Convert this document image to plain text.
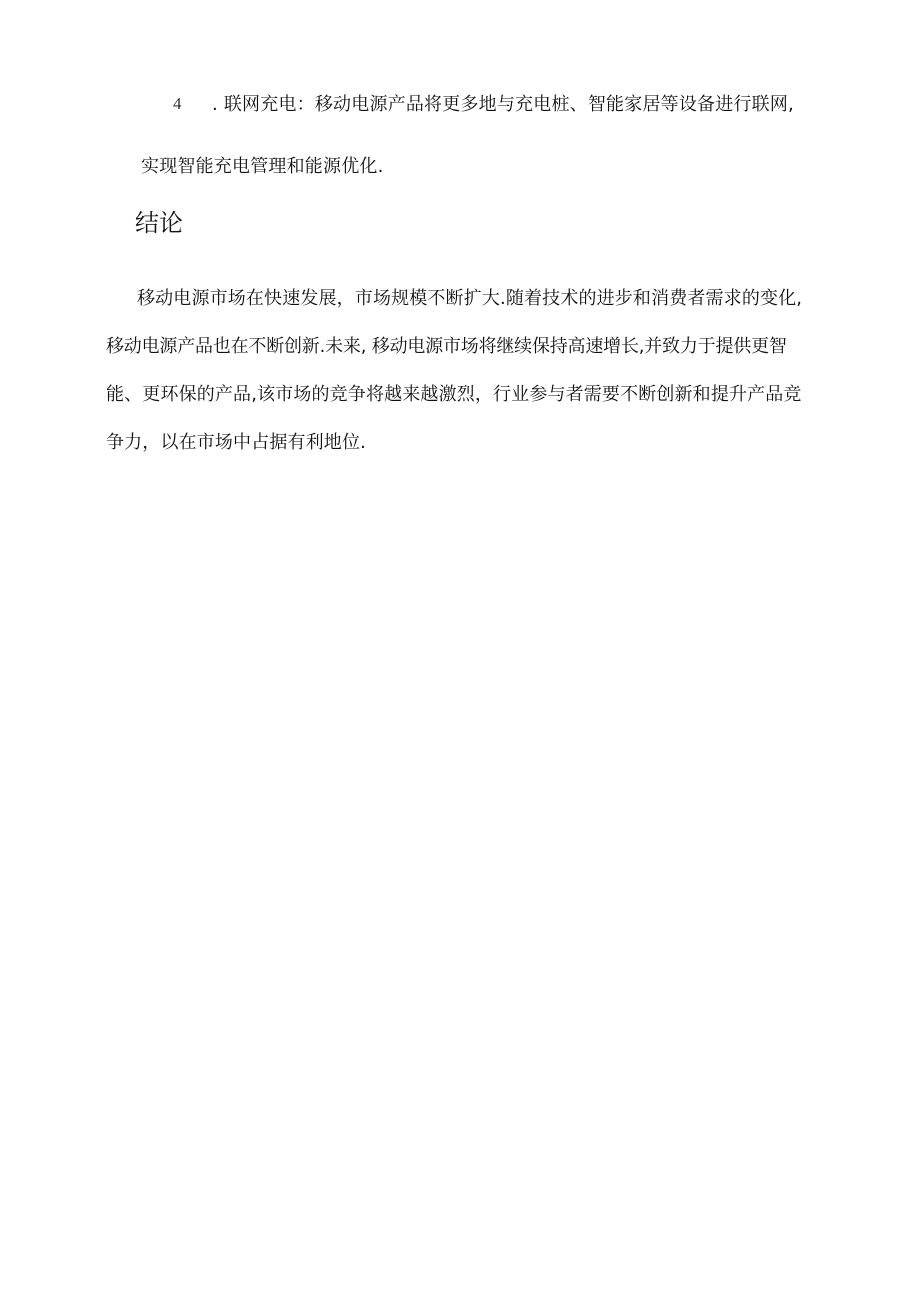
4 . 联网充电：移动电源产品将更多地与充电桩、智能家居等设备进行联网,
实现智能充电管理和能源优化.
结论
移动电源市场在快速发展，市场规模不断扩大.随着技术的进步和消费者需求的变化,
移动电源产品也在不断创新.未来, 移动电源市场将继续保持高速增长,并致力于提供更智
能、更环保的产品,该市场的竞争将越来越激烈，行业参与者需要不断创新和提升产品竞
争力，以在市场中占据有利地位.
